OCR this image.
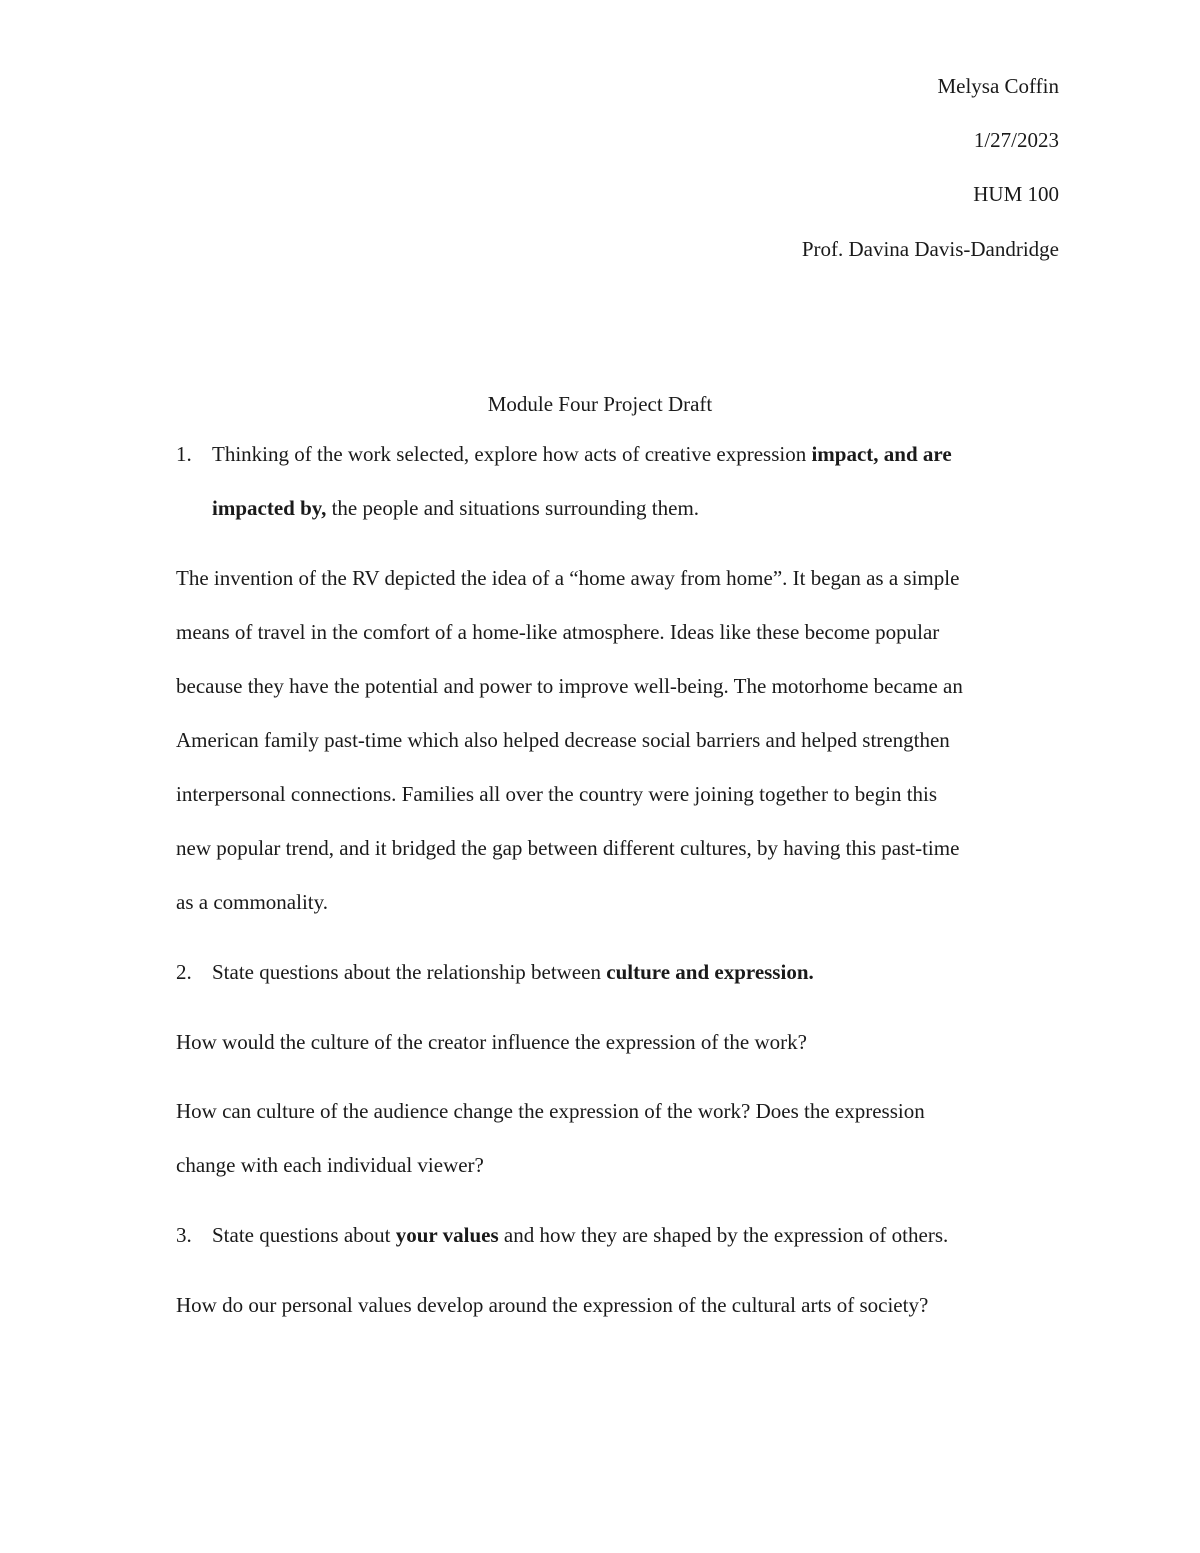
Melysa Coffin

1/27/2023

HUM 100

Prof. Davina Davis-Dandridge

Module Four Project Draft

1. Thinking of the work selected, explore how acts of creative expression impact, and are

impacted by, the people and situations surrounding them.

The invention of the RV depicted the idea of a “home away from home”. It began as a simple

means of travel in the comfort of a home-like atmosphere. Ideas like these become popular

because they have the potential and power to improve well-being. The motorhome became an

American family past-time which also helped decrease social barriers and helped strengthen

interpersonal connections. Families all over the country were joining together to begin this

new popular trend, and it bridged the gap between different cultures, by having this past-time

as a commonality.

2. State questions about the relationship between culture and expression.

How would the culture of the creator influence the expression of the work?

How can culture of the audience change the expression of the work? Does the expression

change with each individual viewer?

3. State questions about your values and how they are shaped by the expression of others.

How do our personal values develop around the expression of the cultural arts of society?
